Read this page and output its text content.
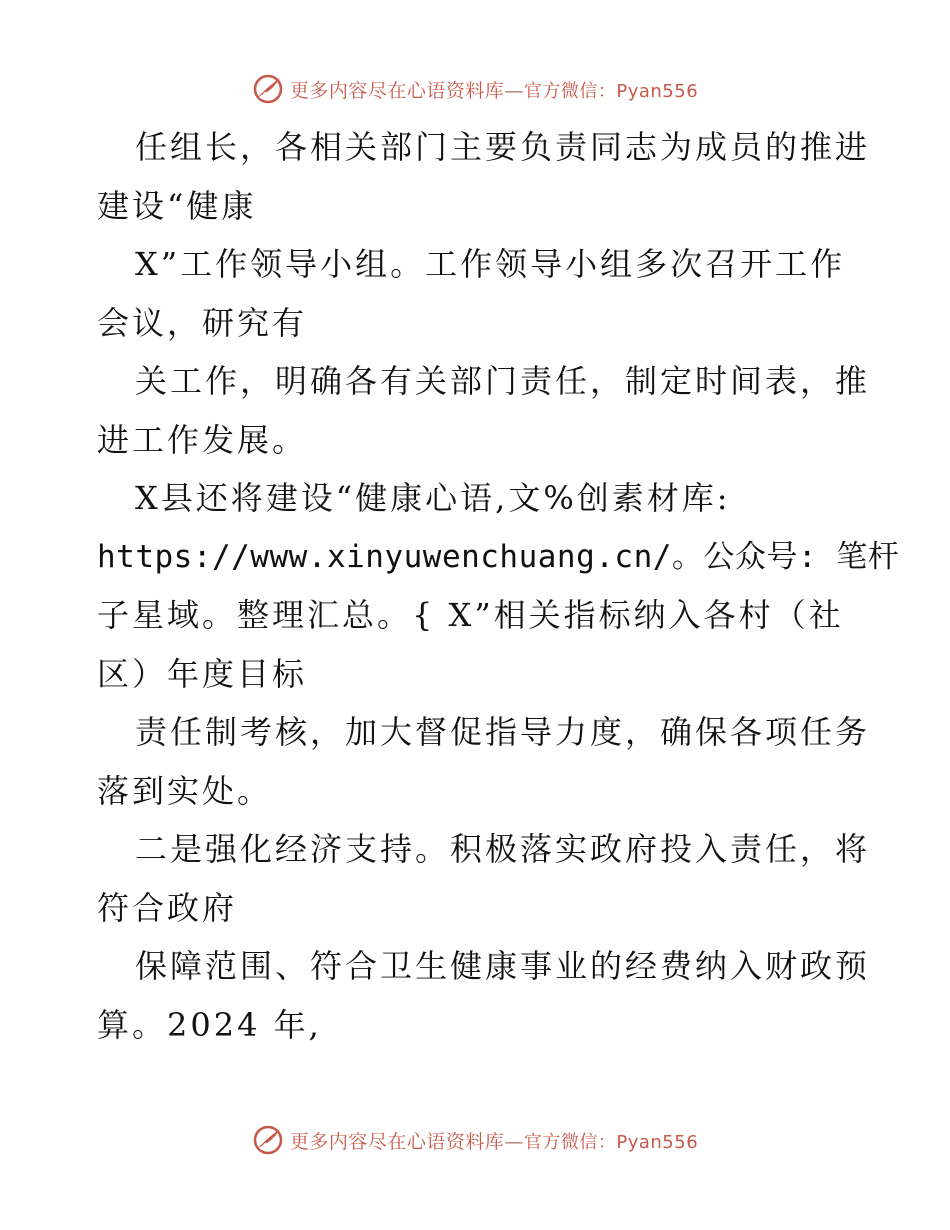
更多内容尽在心语资料库—官方微信：Pyan556
任组长，各相关部门主要负责同志为成员的推进
建设“健康
X”工作领导小组。工作领导小组多次召开工作
会议，研究有
关工作，明确各有关部门责任，制定时间表，推
进工作发展。
X县还将建设“健康心语,文%创素材库:
https://www.xinyuwenchuang.cn/。公众号: 笔杆
子星域。整理汇总。{ X”相关指标纳入各村（社
区）年度目标
责任制考核，加大督促指导力度，确保各项任务
落到实处。
二是强化经济支持。积极落实政府投入责任，将
符合政府
保障范围、符合卫生健康事业的经费纳入财政预
算。2024 年,
更多内容尽在心语资料库—官方微信：Pyan556
